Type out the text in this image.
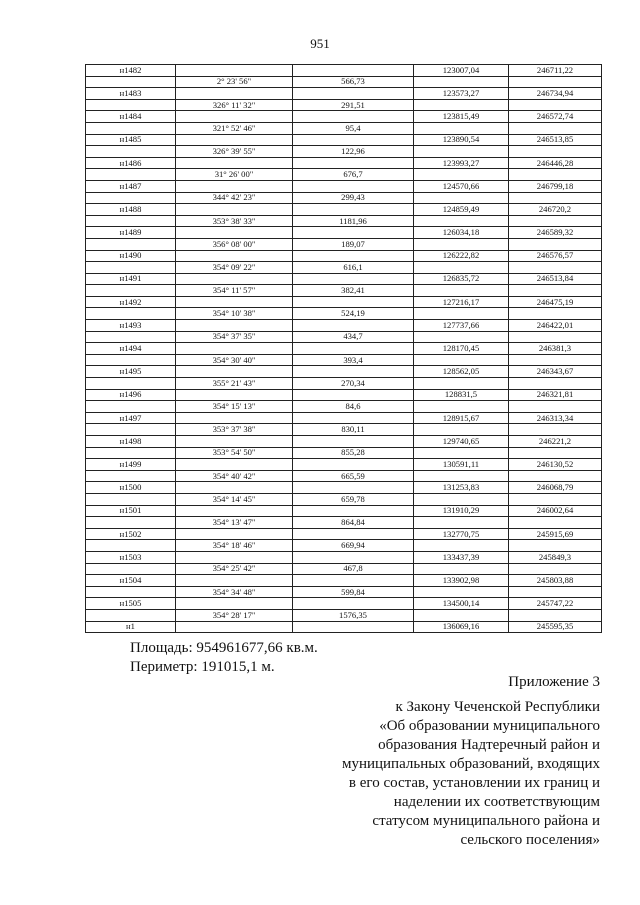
951
н1482			123007,04	246711,22
	2° 23' 56"	566,73		
н1483			123573,27	246734,94
	326° 11' 32"	291,51		
н1484			123815,49	246572,74
	321° 52' 46"	95,4		
н1485			123890,54	246513,85
	326° 39' 55"	122,96		
н1486			123993,27	246446,28
	31° 26' 00"	676,7		
н1487			124570,66	246799,18
	344° 42' 23"	299,43		
н1488			124859,49	246720,2
	353° 38' 33"	1181,96		
н1489			126034,18	246589,32
	356° 08' 00"	189,07		
н1490			126222,82	246576,57
	354° 09' 22"	616,1		
н1491			126835,72	246513,84
	354° 11' 57"	382,41		
н1492			127216,17	246475,19
	354° 10' 38"	524,19		
н1493			127737,66	246422,01
	354° 37' 35"	434,7		
н1494			128170,45	246381,3
	354° 30' 40"	393,4		
н1495			128562,05	246343,67
	355° 21' 43"	270,34		
н1496			128831,5	246321,81
	354° 15' 13"	84,6		
н1497			128915,67	246313,34
	353° 37' 38"	830,11		
н1498			129740,65	246221,2
	353° 54' 50"	855,28		
н1499			130591,11	246130,52
	354° 40' 42"	665,59		
н1500			131253,83	246068,79
	354° 14' 45"	659,78		
н1501			131910,29	246002,64
	354° 13' 47"	864,84		
н1502			132770,75	245915,69
	354° 18' 46"	669,94		
н1503			133437,39	245849,3
	354° 25' 42"	467,8		
н1504			133902,98	245803,88
	354° 34' 48"	599,84		
н1505			134500,14	245747,22
	354° 28' 17"	1576,35		
н1			136069,16	245595,35
Площадь: 954961677,66 кв.м.
Периметр: 191015,1 м.
Приложение 3
к Закону Чеченской Республики
«Об образовании муниципального
образования Надтеречный район и
муниципальных образований, входящих
в его состав, установлении их границ и
наделении их соответствующим
статусом муниципального района и
сельского поселения»
